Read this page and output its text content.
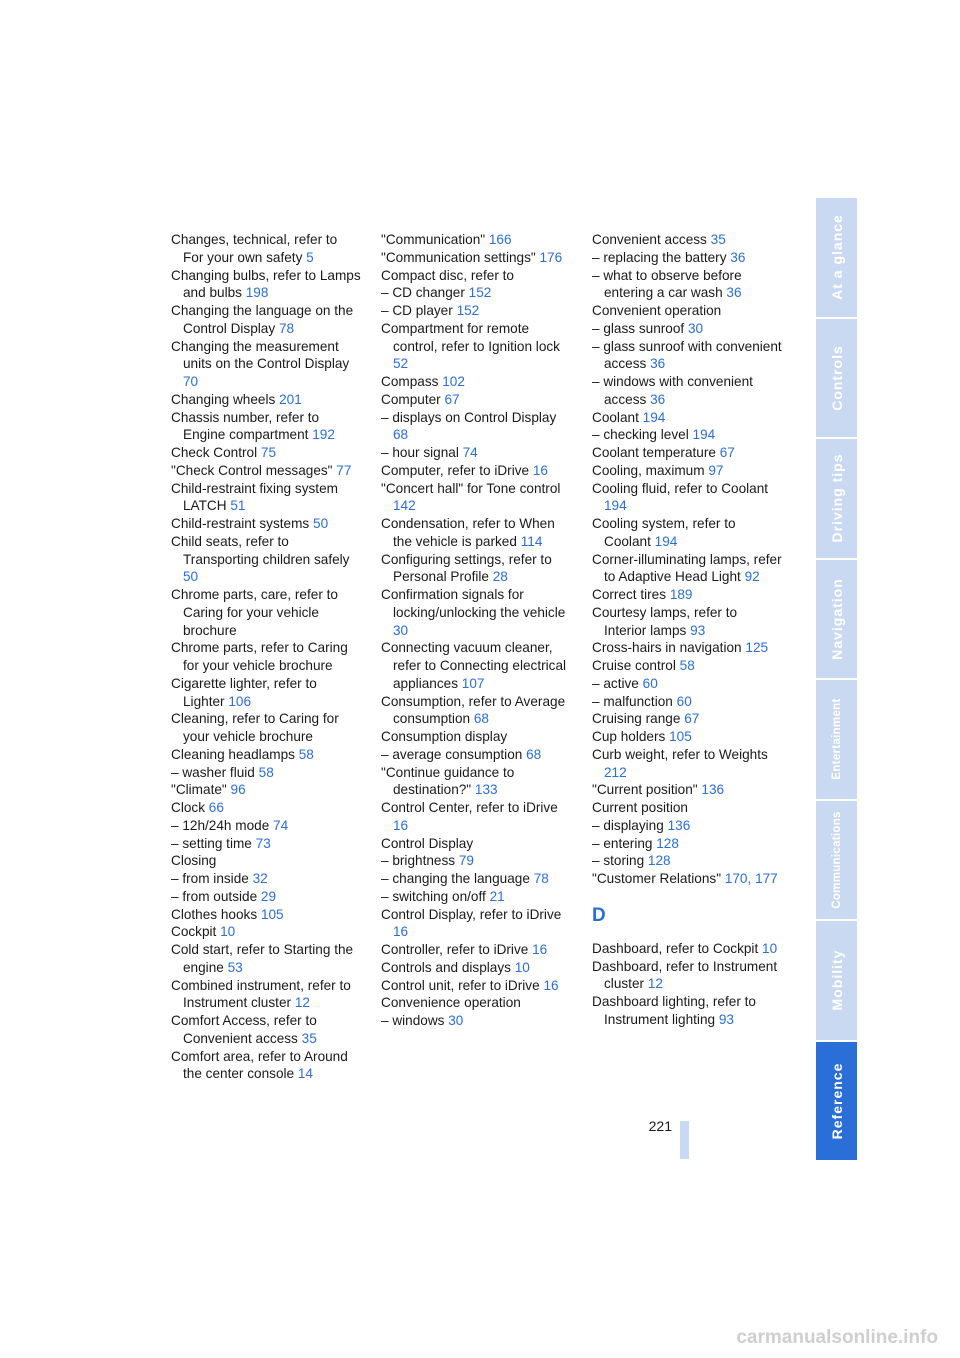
Changes, technical, refer to For your own safety 5
Changing bulbs, refer to Lamps and bulbs 198
Changing the language on the Control Display 78
Changing the measurement units on the Control Display 70
Changing wheels 201
Chassis number, refer to Engine compartment 192
Check Control 75
"Check Control messages" 77
Child-restraint fixing system LATCH 51
Child-restraint systems 50
Child seats, refer to Transporting children safely 50
Chrome parts, care, refer to Caring for your vehicle brochure
Chrome parts, refer to Caring for your vehicle brochure
Cigarette lighter, refer to Lighter 106
Cleaning, refer to Caring for your vehicle brochure
Cleaning headlamps 58
– washer fluid 58
"Climate" 96
Clock 66
– 12h/24h mode 74
– setting time 73
Closing
– from inside 32
– from outside 29
Clothes hooks 105
Cockpit 10
Cold start, refer to Starting the engine 53
Combined instrument, refer to Instrument cluster 12
Comfort Access, refer to Convenient access 35
Comfort area, refer to Around the center console 14
"Communication" 166
"Communication settings" 176
Compact disc, refer to
– CD changer 152
– CD player 152
Compartment for remote control, refer to Ignition lock 52
Compass 102
Computer 67
– displays on Control Display 68
– hour signal 74
Computer, refer to iDrive 16
"Concert hall" for Tone control 142
Condensation, refer to When the vehicle is parked 114
Configuring settings, refer to Personal Profile 28
Confirmation signals for locking/unlocking the vehicle 30
Connecting vacuum cleaner, refer to Connecting electrical appliances 107
Consumption, refer to Average consumption 68
Consumption display
– average consumption 68
"Continue guidance to destination?" 133
Control Center, refer to iDrive 16
Control Display
– brightness 79
– changing the language 78
– switching on/off 21
Control Display, refer to iDrive 16
Controller, refer to iDrive 16
Controls and displays 10
Control unit, refer to iDrive 16
Convenience operation
– windows 30
Convenient access 35
– replacing the battery 36
– what to observe before entering a car wash 36
Convenient operation
– glass sunroof 30
– glass sunroof with convenient access 36
– windows with convenient access 36
Coolant 194
– checking level 194
Coolant temperature 67
Cooling, maximum 97
Cooling fluid, refer to Coolant 194
Cooling system, refer to Coolant 194
Corner-illuminating lamps, refer to Adaptive Head Light 92
Correct tires 189
Courtesy lamps, refer to Interior lamps 93
Cross-hairs in navigation 125
Cruise control 58
– active 60
– malfunction 60
Cruising range 67
Cup holders 105
Curb weight, refer to Weights 212
"Current position" 136
Current position
– displaying 136
– entering 128
– storing 128
"Customer Relations" 170, 177
D
Dashboard, refer to Cockpit 10
Dashboard, refer to Instrument cluster 12
Dashboard lighting, refer to Instrument lighting 93
221
At a glance
Controls
Driving tips
Navigation
Entertainment
Communications
Mobility
Reference
carmanualsonline.info
